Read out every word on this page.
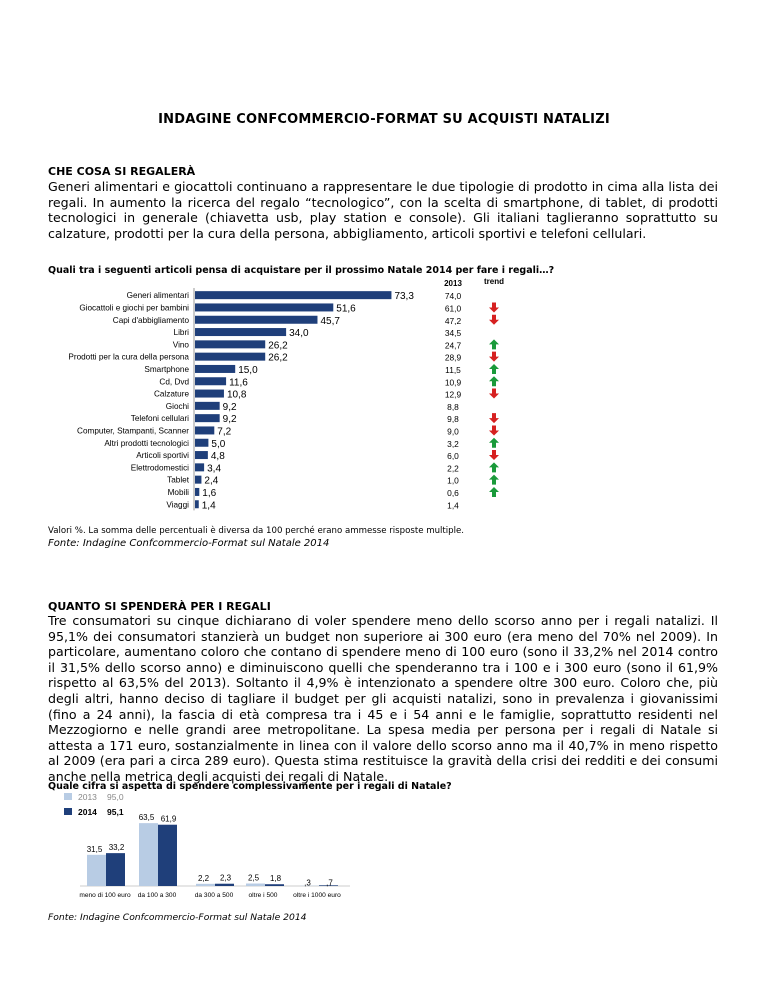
INDAGINE CONFCOMMERCIO-FORMAT SU ACQUISTI NATALIZI
CHE COSA SI REGALERÀ
Generi alimentari e giocattoli continuano a rappresentare le due tipologie di prodotto in cima alla lista dei regali. In aumento la ricerca del regalo “tecnologico”, con la scelta di smartphone, di tablet, di prodotti tecnologici in generale (chiavetta usb, play station e console). Gli italiani taglieranno soprattutto su calzature, prodotti per la cura della persona, abbigliamento, articoli sportivi e telefoni cellulari.
Quali tra i seguenti articoli pensa di acquistare per il prossimo Natale 2014 per fare i regali…?
2013	trend
Generi alimentari	73,3	74,0
Giocattoli e giochi per bambini	51,6	61,0
Capi d'abbigliamento	45,7	47,2
Libri	34,0	34,5
Vino	26,2	24,7
Prodotti per la cura della persona	26,2	28,9
Smartphone	15,0	11,5
Cd, Dvd	11,6	10,9
Calzature	10,8	12,9
Giochi	9,2	8,8
Telefoni cellulari	9,2	9,8
Computer, Stampanti, Scanner	7,2	9,0
Altri prodotti tecnologici 5,0	3,2
Articoli sportivi 4,8	6,0
Elettrodomestici 3,4	2,2
Tablet 2,4	1,0
Mobili 1,6	0,6
Viaggi 1,4	1,4
Valori %. La somma delle percentuali è diversa da 100 perché erano ammesse risposte multiple.
Fonte: Indagine Confcommercio-Format sul Natale 2014
QUANTO SI SPENDERÀ PER I REGALI
Tre consumatori su cinque dichiarano di voler spendere meno dello scorso anno per i regali natalizi. Il 95,1% dei consumatori stanzierà un budget non superiore ai 300 euro (era meno del 70% nel 2009). In particolare, aumentano coloro che contano di spendere meno di 100 euro (sono il 33,2% nel 2014 contro il 31,5% dello scorso anno) e diminuiscono quelli che spenderanno tra i 100 e i 300 euro (sono il 61,9% rispetto al 63,5% del 2013). Soltanto il 4,9% è intenzionato a spendere oltre 300 euro. Coloro che, più degli altri, hanno deciso di tagliare il budget per gli acquisti natalizi, sono in prevalenza i giovanissimi (fino a 24 anni), la fascia di età compresa tra i 45 e i 54 anni e le famiglie, soprattutto residenti nel Mezzogiorno e nelle grandi aree metropolitane. La spesa media per persona per i regali di Natale si attesta a 171 euro, sostanzialmente in linea con il valore dello scorso anno ma il 40,7% in meno rispetto al 2009 (era pari a circa 289 euro). Questa stima restituisce la gravità della crisi dei redditi e dei consumi anche nella metrica degli acquisti dei regali di Natale.
Quale cifra si aspetta di spendere complessivamente per i regali di Natale?
2013 95,0
2014 95,1
31,5 33,2
meno di 100 euro
63,5 61,9
da 100 a 300
2,2 2,3
da 300 a 500
2,5 1,8
oltre i 500
,3 ,7
oltre i 1000 euro
Fonte: Indagine Confcommercio-Format sul Natale 2014
